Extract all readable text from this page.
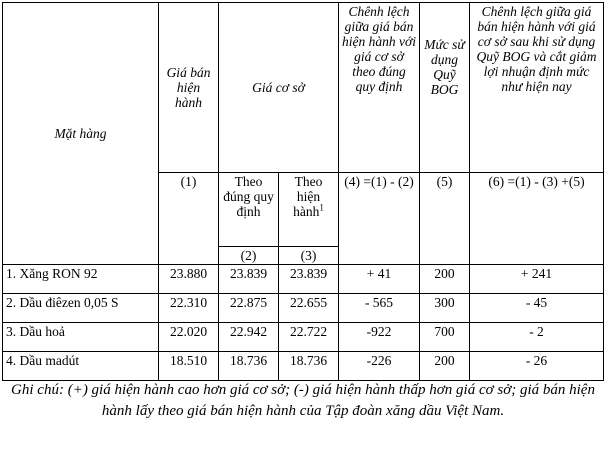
Mặt hàng	Giá bán hiện hành	Giá cơ sở		Chênh lệch giữa giá bán hiện hành với giá cơ sở theo đúng quy định	Mức sử dụng Quỹ BOG	Chênh lệch giữa giá bán hiện hành với giá cơ sở sau khi sử dụng Quỹ BOG và cắt giảm lợi nhuận định mức như hiện nay
	(1)	Theo đúng quy định	Theo hiện hành$^1$	(4) =(1) - (2)	(5)	(6) =(1) - (3) +(5)
		(2)	(3)			
1. Xăng RON 92	23.880	23.839	23.839	+ 41	200	+ 241
2. Dầu điêzen 0,05 S	22.310	22.875	22.655	- 565	300	- 45
3. Dầu hoả	22.020	22.942	22.722	-922	700	- 2
4. Dầu madút	18.510	18.736	18.736	-226	200	- 26
Ghi chú: (+) giá hiện hành cao hơn giá cơ sở; (-) giá hiện hành thấp hơn giá cơ sở; giá bán hiện hành lấy theo giá bán hiện hành của Tập đoàn xăng dầu Việt Nam.
